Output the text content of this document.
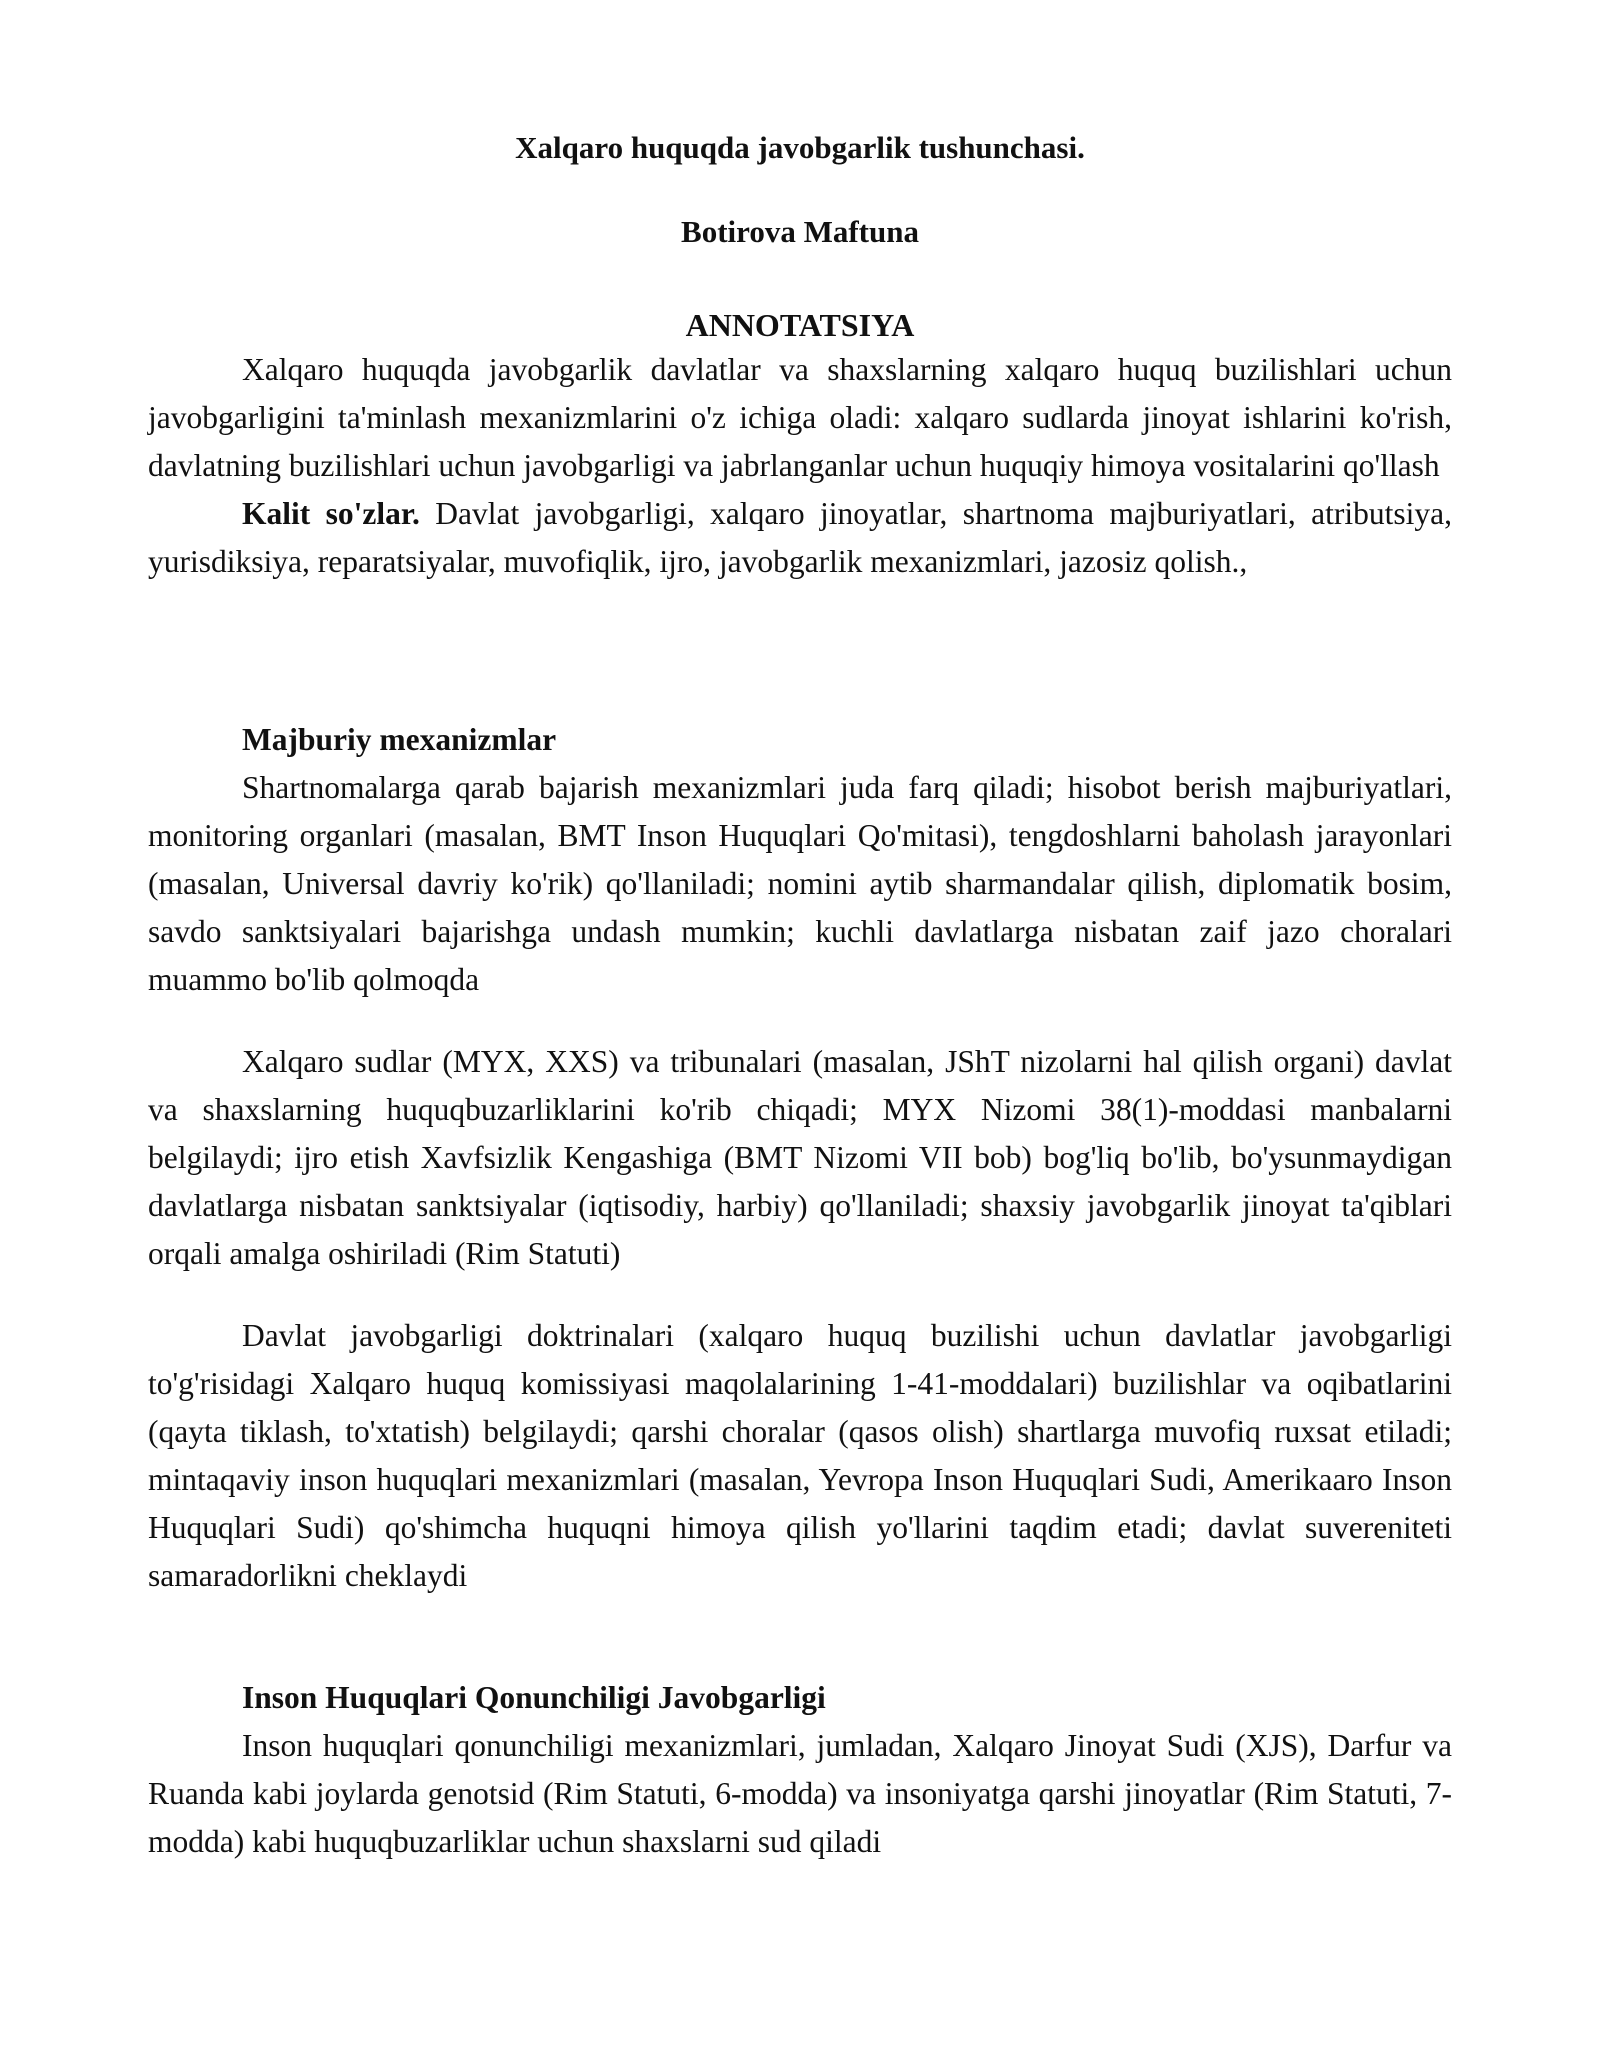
Xalqaro huquqda javobgarlik tushunchasi.
Botirova Maftuna
ANNOTATSIYA

Xalqaro huquqda javobgarlik davlatlar va shaxslarning xalqaro huquq buzilishlari uchun javobgarligini ta'minlash mexanizmlarini o'z ichiga oladi: xalqaro sudlarda jinoyat ishlarini ko'rish, davlatning buzilishlari uchun javobgarligi va jabrlanganlar uchun huquqiy himoya vositalarini qo'llash

Kalit so'zlar. Davlat javobgarligi, xalqaro jinoyatlar, shartnoma majburiyatlari, atributsiya, yurisdiksiya, reparatsiyalar, muvofiqlik, ijro, javobgarlik mexanizmlari, jazosiz qolish.,

Majburiy mexanizmlar

Shartnomalarga qarab bajarish mexanizmlari juda farq qiladi; hisobot berish majburiyatlari, monitoring organlari (masalan, BMT Inson Huquqlari Qo'mitasi), tengdoshlarni baholash jarayonlari (masalan, Universal davriy ko'rik) qo'llaniladi; nomini aytib sharmandalar qilish, diplomatik bosim, savdo sanktsiyalari bajarishga undash mumkin; kuchli davlatlarga nisbatan zaif jazo choralari muammo bo'lib qolmoqda

Xalqaro sudlar (MYX, XXS) va tribunalari (masalan, JShT nizolarni hal qilish organi) davlat va shaxslarning huquqbuzarliklarini ko'rib chiqadi; MYX Nizomi 38(1)-moddasi manbalarni belgilaydi; ijro etish Xavfsizlik Kengashiga (BMT Nizomi VII bob) bog'liq bo'lib, bo'ysunmaydigan davlatlarga nisbatan sanktsiyalar (iqtisodiy, harbiy) qo'llaniladi; shaxsiy javobgarlik jinoyat ta'qiblari orqali amalga oshiriladi (Rim Statuti)

Davlat javobgarligi doktrinalari (xalqaro huquq buzilishi uchun davlatlar javobgarligi to'g'risidagi Xalqaro huquq komissiyasi maqolalarining 1-41-moddalari) buzilishlar va oqibatlarini (qayta tiklash, to'xtatish) belgilaydi; qarshi choralar (qasos olish) shartlarga muvofiq ruxsat etiladi; mintaqaviy inson huquqlari mexanizmlari (masalan, Yevropa Inson Huquqlari Sudi, Amerikaaro Inson Huquqlari Sudi) qo'shimcha huquqni himoya qilish yo'llarini taqdim etadi; davlat suvereniteti samaradorlikni cheklaydi

Inson Huquqlari Qonunchiligi Javobgarligi

Inson huquqlari qonunchiligi mexanizmlari, jumladan, Xalqaro Jinoyat Sudi (XJS), Darfur va Ruanda kabi joylarda genotsid (Rim Statuti, 6-modda) va insoniyatga qarshi jinoyatlar (Rim Statuti, 7-modda) kabi huquqbuzarliklar uchun shaxslarni sud qiladi
